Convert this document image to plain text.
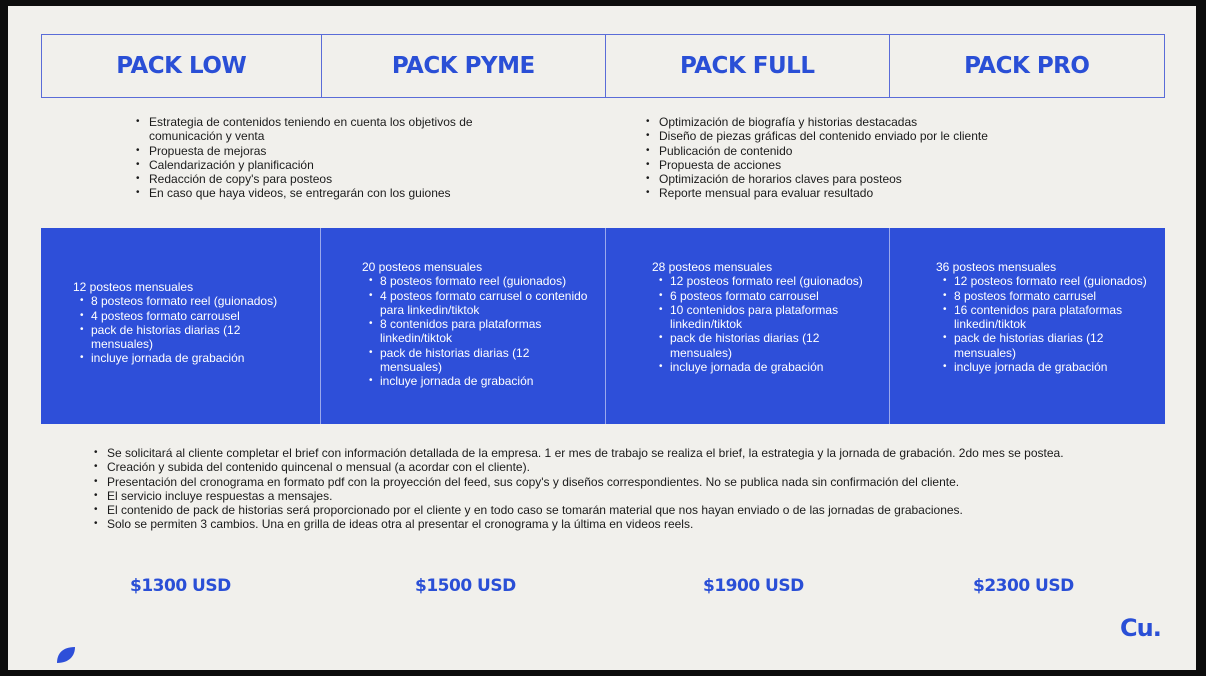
PACK LOW	PACK PYME	PACK FULL	PACK PRO
• Estrategia de contenidos teniendo en cuenta los objetivos de comunicación y venta
• Propuesta de mejoras
• Calendarización y planificación
• Redacción de copy's para posteos
• En caso que haya videos, se entregarán con los guiones
• Optimización de biografía y historias destacadas
• Diseño de piezas gráficas del contenido enviado por le cliente
• Publicación de contenido
• Propuesta de acciones
• Optimización de horarios claves para posteos
• Reporte mensual para evaluar resultado
12 posteos mensuales
• 8 posteos formato reel (guionados)
• 4 posteos formato carrousel
• pack de historias diarias (12 mensuales)
• incluye jornada de grabación
20 posteos mensuales
• 8 posteos formato reel (guionados)
• 4 posteos formato carrusel o contenido para linkedin/tiktok
• 8 contenidos para plataformas linkedin/tiktok
• pack de historias diarias (12 mensuales)
• incluye jornada de grabación
28 posteos mensuales
• 12 posteos formato reel (guionados)
• 6 posteos formato carrousel
• 10 contenidos para plataformas linkedin/tiktok
• pack de historias diarias (12 mensuales)
• incluye jornada de grabación
36 posteos mensuales
• 12 posteos formato reel (guionados)
• 8 posteos formato carrusel
• 16 contenidos para plataformas linkedin/tiktok
• pack de historias diarias (12 mensuales)
• incluye jornada de grabación
• Se solicitará al cliente completar el brief con información detallada de la empresa. 1 er mes de trabajo se realiza el brief, la estrategia y la jornada de grabación. 2do mes se postea.
• Creación y subida del contenido quincenal o mensual (a acordar con el cliente).
• Presentación del cronograma en formato pdf con la proyección del feed, sus copy's y diseños correspondientes. No se publica nada sin confirmación del cliente.
• El servicio incluye respuestas a mensajes.
• El contenido de pack de historias será proporcionado por el cliente y en todo caso se tomarán material que nos hayan enviado o de las jornadas de grabaciones.
• Solo se permiten 3 cambios. Una en grilla de ideas otra al presentar el cronograma y la última en videos reels.
$1300 USD	$1500 USD	$1900 USD	$2300 USD
Cu.
